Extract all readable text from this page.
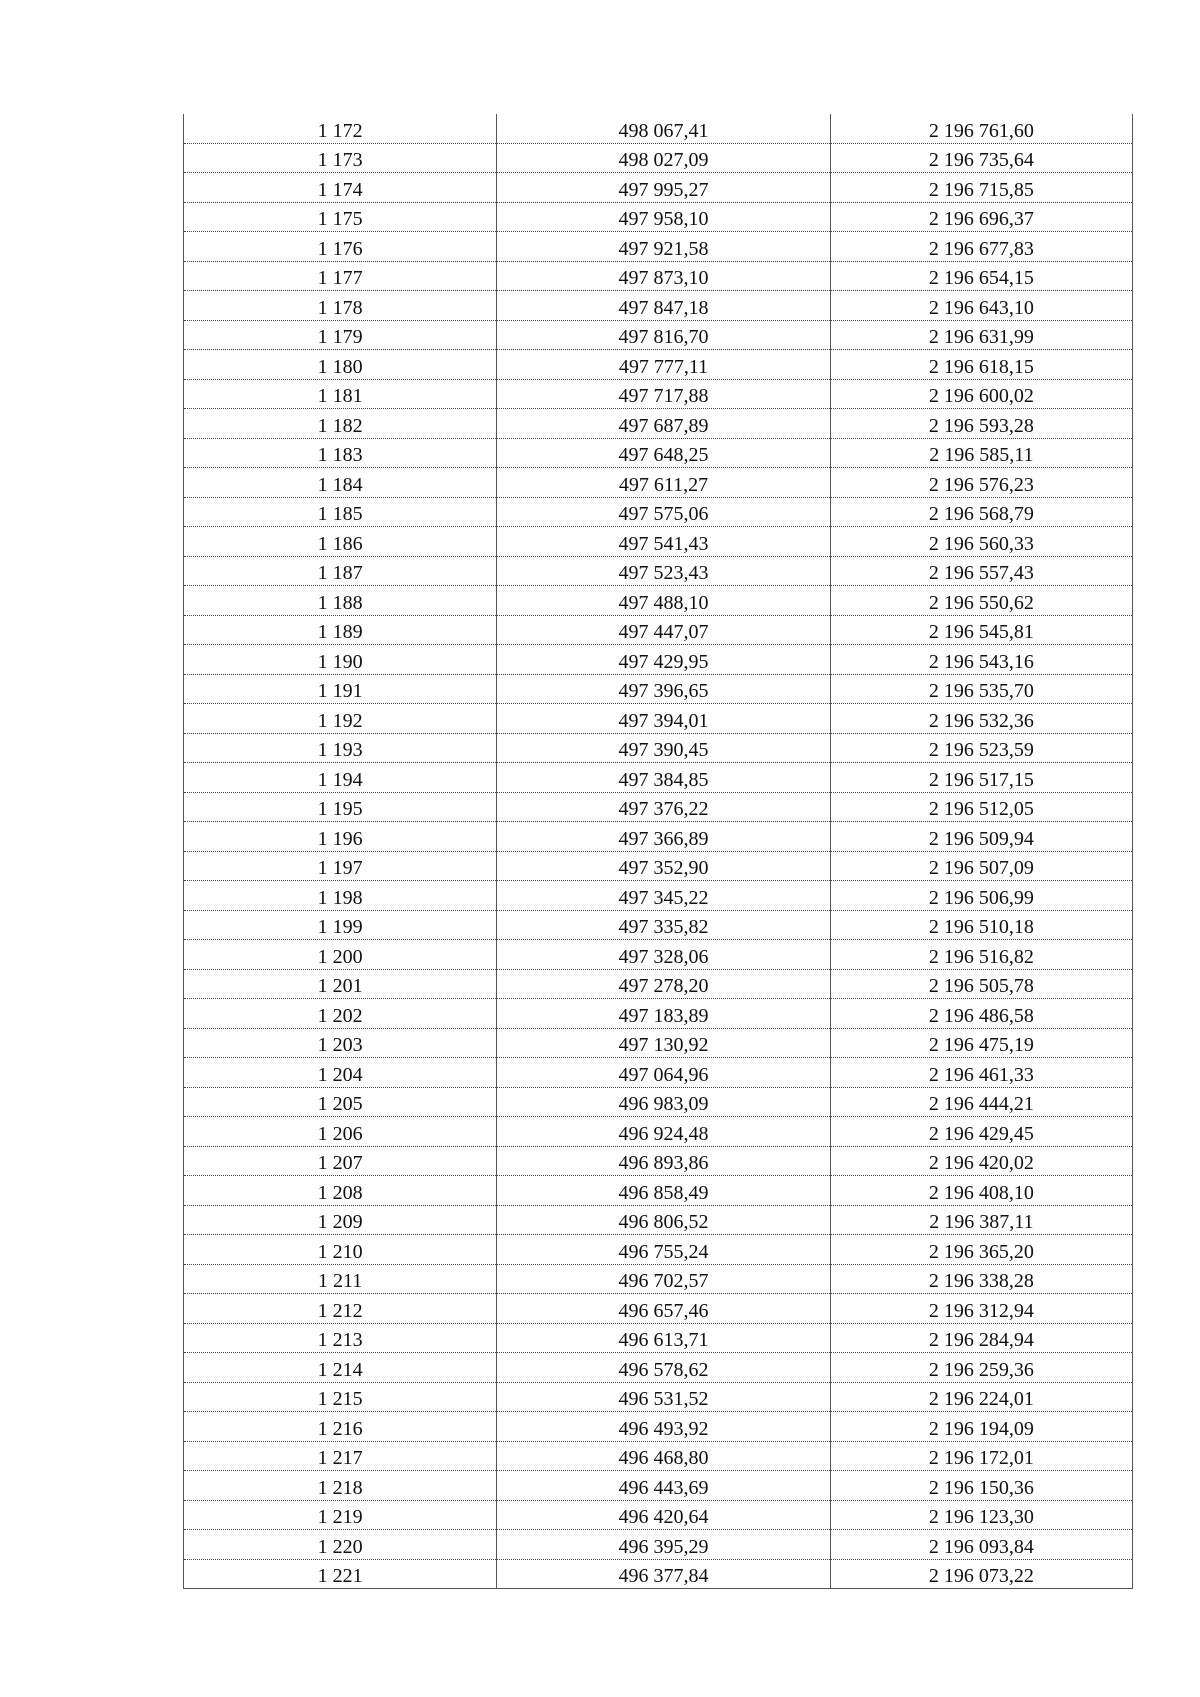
1 172	498 067,41	2 196 761,60
1 173	498 027,09	2 196 735,64
1 174	497 995,27	2 196 715,85
1 175	497 958,10	2 196 696,37
1 176	497 921,58	2 196 677,83
1 177	497 873,10	2 196 654,15
1 178	497 847,18	2 196 643,10
1 179	497 816,70	2 196 631,99
1 180	497 777,11	2 196 618,15
1 181	497 717,88	2 196 600,02
1 182	497 687,89	2 196 593,28
1 183	497 648,25	2 196 585,11
1 184	497 611,27	2 196 576,23
1 185	497 575,06	2 196 568,79
1 186	497 541,43	2 196 560,33
1 187	497 523,43	2 196 557,43
1 188	497 488,10	2 196 550,62
1 189	497 447,07	2 196 545,81
1 190	497 429,95	2 196 543,16
1 191	497 396,65	2 196 535,70
1 192	497 394,01	2 196 532,36
1 193	497 390,45	2 196 523,59
1 194	497 384,85	2 196 517,15
1 195	497 376,22	2 196 512,05
1 196	497 366,89	2 196 509,94
1 197	497 352,90	2 196 507,09
1 198	497 345,22	2 196 506,99
1 199	497 335,82	2 196 510,18
1 200	497 328,06	2 196 516,82
1 201	497 278,20	2 196 505,78
1 202	497 183,89	2 196 486,58
1 203	497 130,92	2 196 475,19
1 204	497 064,96	2 196 461,33
1 205	496 983,09	2 196 444,21
1 206	496 924,48	2 196 429,45
1 207	496 893,86	2 196 420,02
1 208	496 858,49	2 196 408,10
1 209	496 806,52	2 196 387,11
1 210	496 755,24	2 196 365,20
1 211	496 702,57	2 196 338,28
1 212	496 657,46	2 196 312,94
1 213	496 613,71	2 196 284,94
1 214	496 578,62	2 196 259,36
1 215	496 531,52	2 196 224,01
1 216	496 493,92	2 196 194,09
1 217	496 468,80	2 196 172,01
1 218	496 443,69	2 196 150,36
1 219	496 420,64	2 196 123,30
1 220	496 395,29	2 196 093,84
1 221	496 377,84	2 196 073,22
